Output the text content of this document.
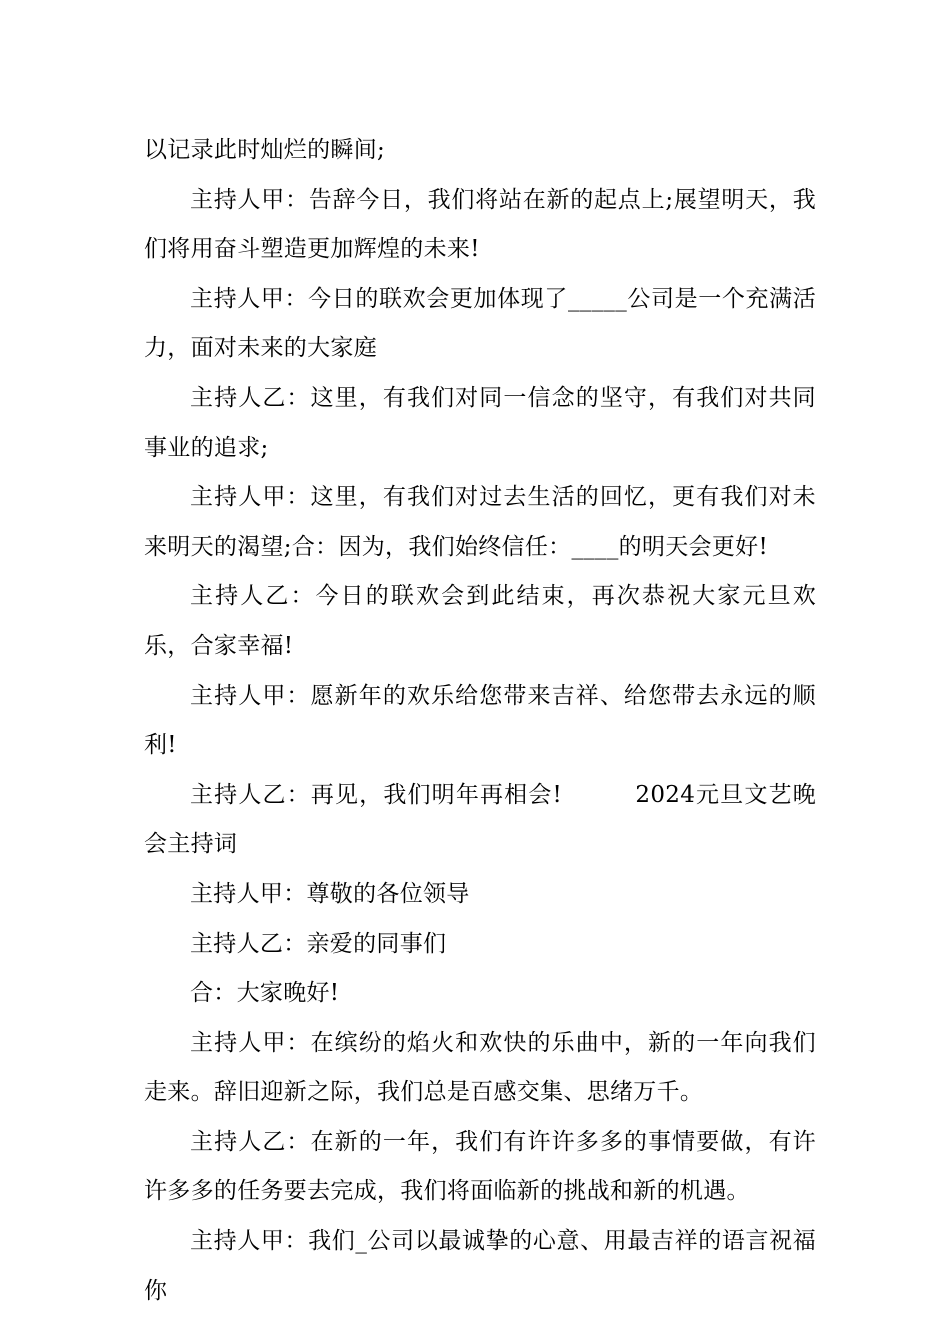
以记录此时灿烂的瞬间;

主持人甲：告辞今日，我们将站在新的起点上;展望明天，我们将用奋斗塑造更加辉煌的未来!

主持人甲：今日的联欢会更加体现了_____公司是一个充满活力，面对未来的大家庭

主持人乙：这里，有我们对同一信念的坚守，有我们对共同事业的追求;

主持人甲：这里，有我们对过去生活的回忆，更有我们对未来明天的渴望;合：因为，我们始终信任：____的明天会更好!

主持人乙：今日的联欢会到此结束，再次恭祝大家元旦欢乐，合家幸福!

主持人甲：愿新年的欢乐给您带来吉祥、给您带去永远的顺利!

主持人乙：再见，我们明年再相会!　　　2024元旦文艺晚会主持词

主持人甲：尊敬的各位领导

主持人乙：亲爱的同事们

合：大家晚好!

主持人甲：在缤纷的焰火和欢快的乐曲中，新的一年向我们走来。辞旧迎新之际，我们总是百感交集、思绪万千。

主持人乙：在新的一年，我们有许许多多的事情要做，有许许多多的任务要去完成，我们将面临新的挑战和新的机遇。

主持人甲：我们_公司以最诚挚的心意、用最吉祥的语言祝福你
